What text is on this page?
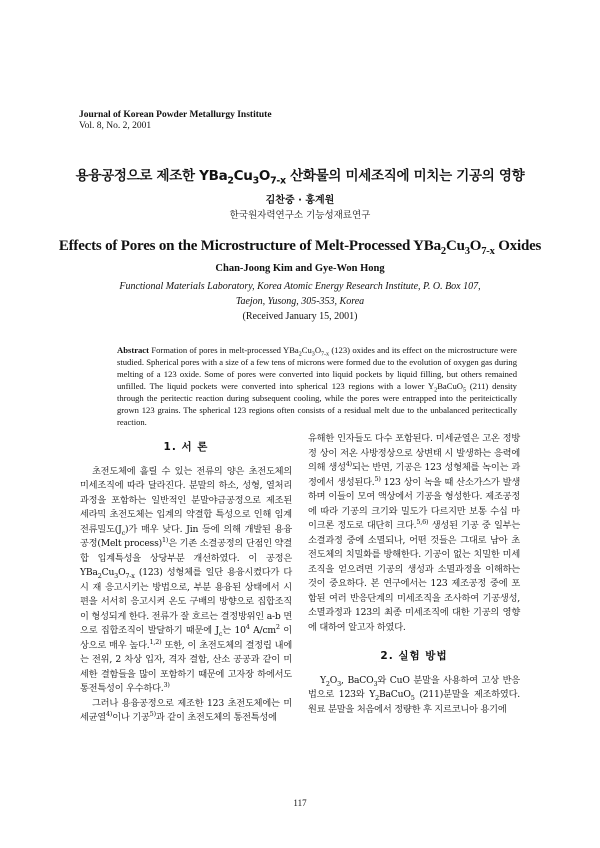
Journal of Korean Powder Metallurgy Institute
Vol. 8, No. 2, 2001
용융공정으로 제조한 $YBa_2Cu_3O_{7-x}$ 산화물의 미세조직에 미치는 기공의 영향
김찬중 · 홍계원
한국원자력연구소 기능성재료연구
Effects of Pores on the Microstructure of Melt-Processed $YBa_2Cu_3O_{7-x}$ Oxides
Chan-Joong Kim and Gye-Won Hong
Functional Materials Laboratory, Korea Atomic Energy Research Institute, P. O. Box 107,
Taejon, Yusong, 305-353, Korea
(Received January 15, 2001)
Abstract Formation of pores in melt-processed $YBa_2Cu_3O_{7-x}$ (123) oxides and its effect on the microstructure were studied. Spherical pores with a size of a few tens of microns were formed due to the evolution of oxygen gas during melting of a 123 oxide. Some of pores were converted into liquid pockets by liquid filling, but others remained unfilled. The liquid pockets were converted into spherical 123 regions with a lower $Y_2BaCuO_5$ (211) density through the peritectic reaction during subsequent cooling, while the pores were entrapped into the periteictically grown 123 grains. The spherical 123 regions often consists of a residual melt due to the unbalanced peritectically reaction.
1. 서 론

초전도체에 흘릴 수 있는 전류의 양은 초전도체의 미세조직에 따라 달라진다. 분말의 하소, 성형, 열처리 과정을 포함하는 일반적인 분말야금공정으로 제조된 세라믹 초전도체는 입계의 약결합 특성으로 인해 임계전류밀도$(J_c)$가 매우 낮다. Jin 등에 의해 개발된 용융공정(Melt process)$^{1)}$은 기존 소결공정의 단점인 약결합 입계특성을 상당부분 개선하였다. 이 공정은 $YBa_2Cu_3O_{7-x}$ (123) 성형체를 일단 용융시켰다가 다시 재 응고시키는 방법으로, 부분 용융된 상태에서 시편을 서서히 응고시켜 온도 구배의 방향으로 집합조직이 형성되게 한다. 전류가 잘 흐르는 결정방위인 a-b 면으로 집합조직이 발달하기 때문에 $J_c$는 $10^4$ $A/cm^2$ 이상으로 매우 높다.$^{1,2)}$ 또한, 이 초전도체의 결정립 내에는 전위, 2 차상 입자, 격자 결함, 산소 공공과 같이 미세한 결함들을 많이 포함하기 때문에 고자장 하에서도 통전특성이 우수하다.$^{3)}$

그러나 용융공정으로 제조한 123 초전도체에는 미세균열$^{4)}$이나 기공$^{5)}$과 같이 초전도체의 통전특성에

유해한 인자들도 다수 포함된다. 미세균열은 고온 정방정 상이 저온 사방정상으로 상변태 시 발생하는 응력에 의해 생성$^{4)}$되는 반면, 기공은 123 성형체를 녹이는 과정에서 생성된다.$^{5)}$ 123 상이 녹을 때 산소가스가 발생하며 이들이 모여 액상에서 기공을 형성한다. 제조공정에 따라 기공의 크기와 밀도가 다르지만 보통 수십 마이크론 정도로 대단히 크다.$^{5,6)}$ 생성된 기공 중 일부는 소결과정 중에 소멸되나, 어떤 것들은 그대로 남아 초전도체의 치밀화를 방해한다. 기공이 없는 치밀한 미세조직을 얻으려면 기공의 생성과 소멸과정을 이해하는 것이 중요하다. 본 연구에서는 123 제조공정 중에 포함된 여러 반응단계의 미세조직을 조사하여 기공생성, 소멸과정과 123의 최종 미세조직에 대한 기공의 영향에 대하여 알고자 하였다.

2. 실험 방법

$Y_2O_3$, BaCO$_3$와 CuO 분말을 사용하여 고상 반응법으로 123와 $Y_2BaCuO_5$ (211)분말을 제조하였다. 원료 분말을 처음에서 정량한 후 지르코니아 용기에

117
